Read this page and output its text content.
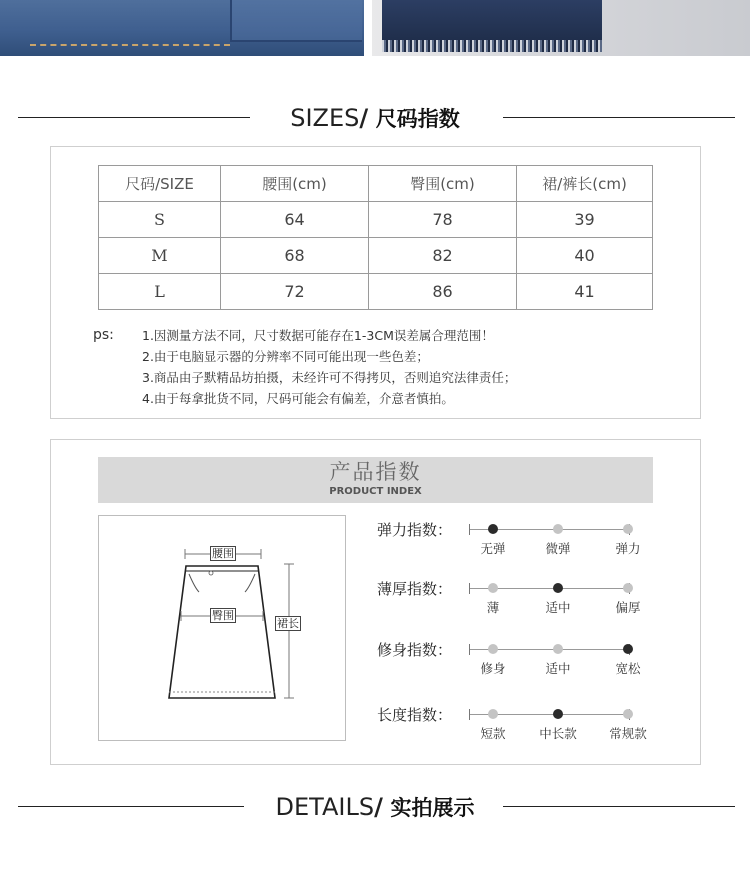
SIZES/ 尺码指数
尺码/SIZE	腰围(cm)	臀围(cm)	裙/裤长(cm)
S	64	78	39
M	68	82	40
L	72	86	41
ps: 1.因测量方法不同，尺寸数据可能存在1-3CM误差属合理范围！
2.由于电脑显示器的分辨率不同可能出现一些色差；
3.商品由子默精品坊拍摄，未经许可不得拷贝，否则追究法律责任；
4.由于每拿批货不同，尺码可能会有偏差，介意者慎拍。
产品指数
PRODUCT INDEX
腰围
臀围
裙长
弹力指数：
无弹	微弹	弹力
薄厚指数：
薄	适中	偏厚
修身指数：
修身	适中	宽松
长度指数：
短款	中长款	常规款
DETAILS/ 实拍展示
